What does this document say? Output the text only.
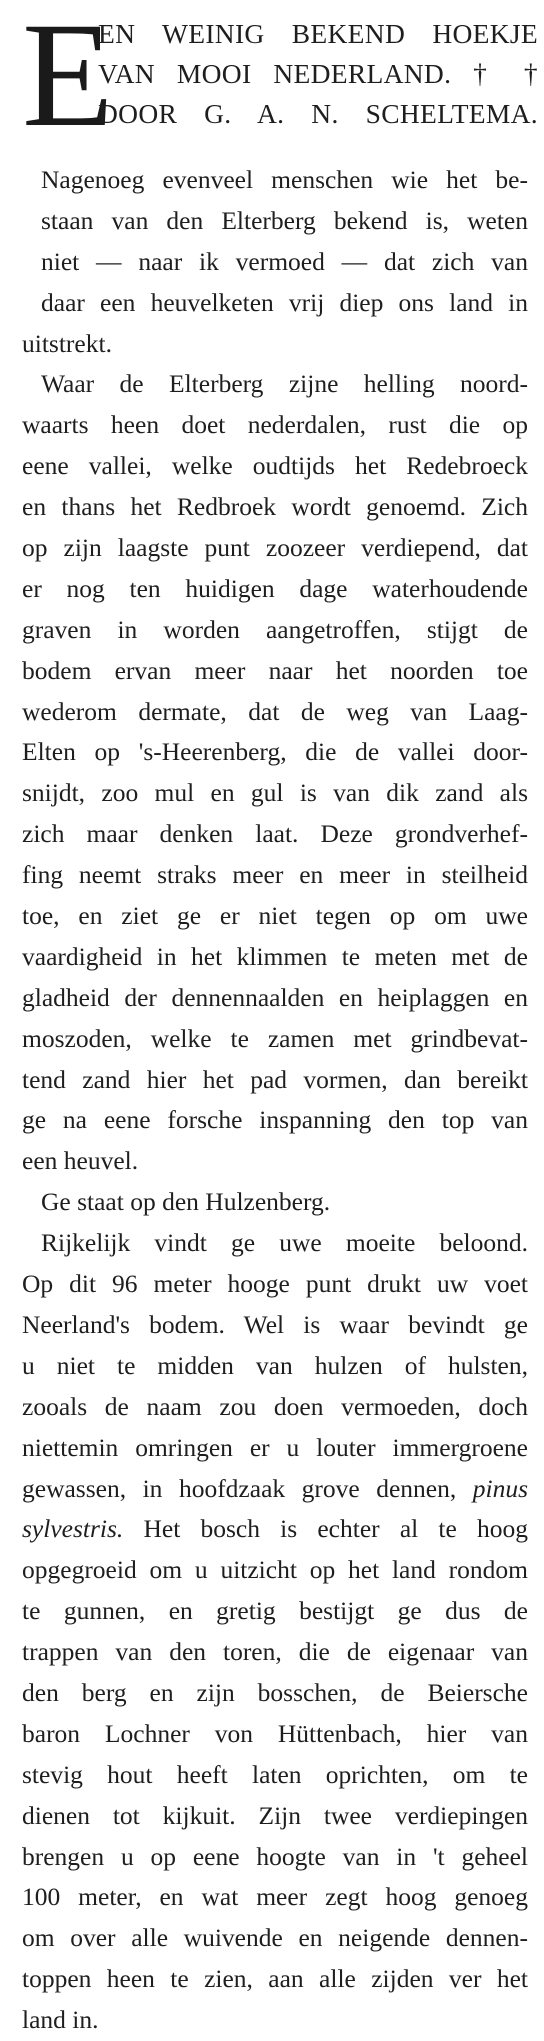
E
EN WEINIG BEKEND HOEKJE
VAN MOOI NEDERLAND. † †
DOOR G. A. N. SCHELTEMA.
Nagenoeg evenveel menschen wie het be-
staan van den Elterberg bekend is, weten
niet — naar ik vermoed — dat zich van
daar een heuvelketen vrij diep ons land in
uitstrekt.
Waar de Elterberg zijne helling noord-
waarts heen doet nederdalen, rust die op
eene vallei, welke oudtijds het Redebroeck
en thans het Redbroek wordt genoemd. Zich
op zijn laagste punt zoozeer verdiepend, dat
er nog ten huidigen dage waterhoudende
graven in worden aangetroffen, stijgt de
bodem ervan meer naar het noorden toe
wederom dermate, dat de weg van Laag-
Elten op 's-Heerenberg, die de vallei door-
snijdt, zoo mul en gul is van dik zand als
zich maar denken laat. Deze grondverhef-
fing neemt straks meer en meer in steilheid
toe, en ziet ge er niet tegen op om uwe
vaardigheid in het klimmen te meten met de
gladheid der dennennaalden en heiplaggen en
moszoden, welke te zamen met grindbevat-
tend zand hier het pad vormen, dan bereikt
ge na eene forsche inspanning den top van
een heuvel.
Ge staat op den Hulzenberg.
Rijkelijk vindt ge uwe moeite beloond.
Op dit 96 meter hooge punt drukt uw voet
Neerland's bodem. Wel is waar bevindt ge
u niet te midden van hulzen of hulsten,
zooals de naam zou doen vermoeden, doch
niettemin omringen er u louter immergroene
gewassen, in hoofdzaak grove dennen, pinus
sylvestris. Het bosch is echter al te hoog
opgegroeid om u uitzicht op het land rondom
te gunnen, en gretig bestijgt ge dus de
trappen van den toren, die de eigenaar van
den berg en zijn bosschen, de Beiersche
baron Lochner von Hüttenbach, hier van
stevig hout heeft laten oprichten, om te
dienen tot kijkuit. Zijn twee verdiepingen
brengen u op eene hoogte van in 't geheel
100 meter, en wat meer zegt hoog genoeg
om over alle wuivende en neigende dennen-
toppen heen te zien, aan alle zijden ver het
land in.
